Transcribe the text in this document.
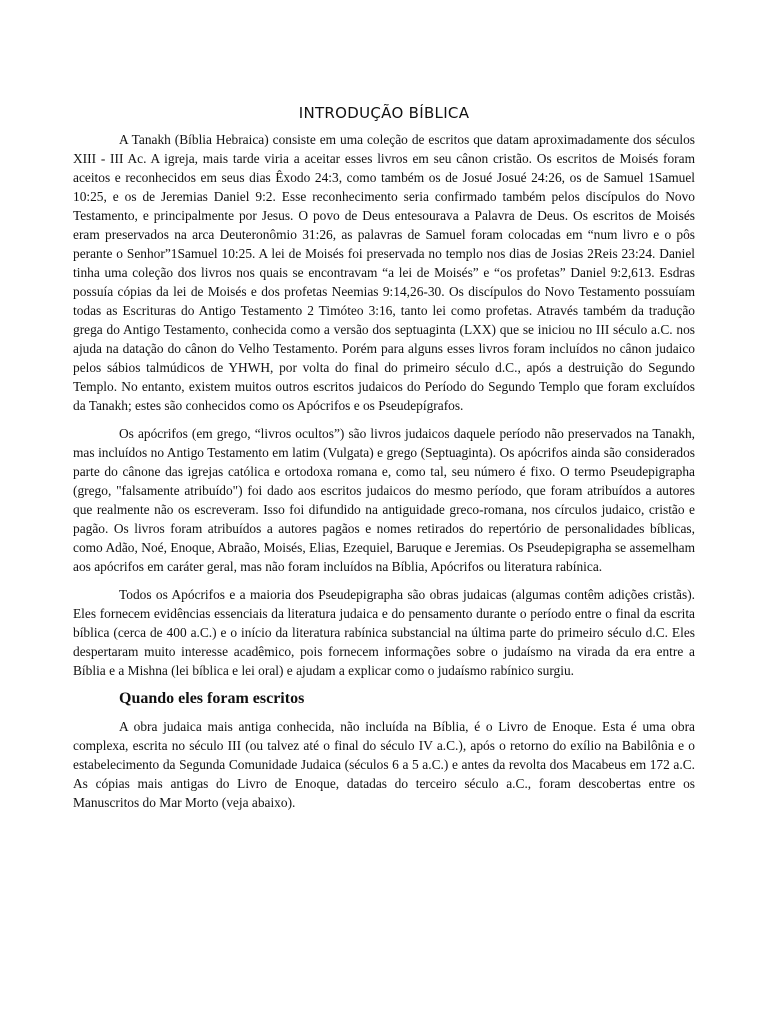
INTRODUÇÃO BÍBLICA

A Tanakh (Bíblia Hebraica) consiste em uma coleção de escritos que datam aproximadamente dos séculos XIII - III Ac. A igreja, mais tarde viria a aceitar esses livros em seu cânon cristão. Os escritos de Moisés foram aceitos e reconhecidos em seus dias Êxodo 24:3, como também os de Josué Josué 24:26, os de Samuel 1Samuel 10:25, e os de Jeremias Daniel 9:2. Esse reconhecimento seria confirmado também pelos discípulos do Novo Testamento, e principalmente por Jesus. O povo de Deus entesourava a Palavra de Deus. Os escritos de Moisés eram preservados na arca Deuteronômio 31:26, as palavras de Samuel foram colocadas em “num livro e o pôs perante o Senhor”1Samuel 10:25. A lei de Moisés foi preservada no templo nos dias de Josias 2Reis 23:24. Daniel tinha uma coleção dos livros nos quais se encontravam “a lei de Moisés” e “os profetas” Daniel 9:2,613. Esdras possuía cópias da lei de Moisés e dos profetas Neemias 9:14,26-30. Os discípulos do Novo Testamento possuíam todas as Escrituras do Antigo Testamento 2 Timóteo 3:16, tanto lei como profetas. Através também da tradução grega do Antigo Testamento, conhecida como a versão dos septuaginta (LXX) que se iniciou no III século a.C. nos ajuda na datação do cânon do Velho Testamento. Porém para alguns esses livros foram incluídos no cânon judaico pelos sábios talmúdicos de YHWH, por volta do final do primeiro século d.C., após a destruição do Segundo Templo. No entanto, existem muitos outros escritos judaicos do Período do Segundo Templo que foram excluídos da Tanakh; estes são conhecidos como os Apócrifos e os Pseudepígrafos.

Os apócrifos (em grego, “livros ocultos”) são livros judaicos daquele período não preservados na Tanakh, mas incluídos no Antigo Testamento em latim (Vulgata) e grego (Septuaginta). Os apócrifos ainda são considerados parte do cânone das igrejas católica e ortodoxa romana e, como tal, seu número é fixo. O termo Pseudepigrapha (grego, "falsamente atribuído") foi dado aos escritos judaicos do mesmo período, que foram atribuídos a autores que realmente não os escreveram. Isso foi difundido na antiguidade greco-romana, nos círculos judaico, cristão e pagão. Os livros foram atribuídos a autores pagãos e nomes retirados do repertório de personalidades bíblicas, como Adão, Noé, Enoque, Abraão, Moisés, Elias, Ezequiel, Baruque e Jeremias. Os Pseudepigrapha se assemelham aos apócrifos em caráter geral, mas não foram incluídos na Bíblia, Apócrifos ou literatura rabínica.

Todos os Apócrifos e a maioria dos Pseudepigrapha são obras judaicas (algumas contêm adições cristãs). Eles fornecem evidências essenciais da literatura judaica e do pensamento durante o período entre o final da escrita bíblica (cerca de 400 a.C.) e o início da literatura rabínica substancial na última parte do primeiro século d.C. Eles despertaram muito interesse acadêmico, pois fornecem informações sobre o judaísmo na virada da era entre a Bíblia e a Mishna (lei bíblica e lei oral) e ajudam a explicar como o judaísmo rabínico surgiu.

Quando eles foram escritos

A obra judaica mais antiga conhecida, não incluída na Bíblia, é o Livro de Enoque. Esta é uma obra complexa, escrita no século III (ou talvez até o final do século IV a.C.), após o retorno do exílio na Babilônia e o estabelecimento da Segunda Comunidade Judaica (séculos 6 a 5 a.C.) e antes da revolta dos Macabeus em 172 a.C. As cópias mais antigas do Livro de Enoque, datadas do terceiro século a.C., foram descobertas entre os Manuscritos do Mar Morto (veja abaixo).
